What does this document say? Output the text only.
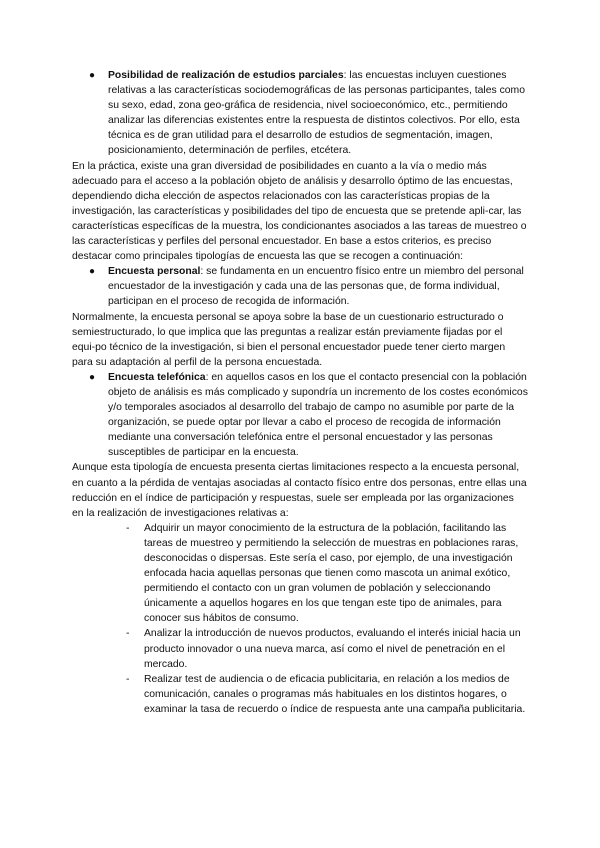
● Posibilidad de realización de estudios parciales: las encuestas incluyen cuestiones relativas a las características sociodemográficas de las personas participantes, tales como su sexo, edad, zona geo-gráfica de residencia, nivel socioeconómico, etc., permitiendo analizar las diferencias existentes entre la respuesta de distintos colectivos. Por ello, esta técnica es de gran utilidad para el desarrollo de estudios de segmentación, imagen, posicionamiento, determinación de perfiles, etcétera.

En la práctica, existe una gran diversidad de posibilidades en cuanto a la vía o medio más adecuado para el acceso a la población objeto de análisis y desarrollo óptimo de las encuestas, dependiendo dicha elección de aspectos relacionados con las características propias de la investigación, las características y posibilidades del tipo de encuesta que se pretende apli-car, las características específicas de la muestra, los condicionantes asociados a las tareas de muestreo o las características y perfiles del personal encuestador. En base a estos criterios, es preciso destacar como principales tipologías de encuesta las que se recogen a continuación:

● Encuesta personal: se fundamenta en un encuentro físico entre un miembro del personal encuestador de la investigación y cada una de las personas que, de forma individual, participan en el proceso de recogida de información.

Normalmente, la encuesta personal se apoya sobre la base de un cuestionario estructurado o semiestructurado, lo que implica que las preguntas a realizar están previamente fijadas por el equi-po técnico de la investigación, si bien el personal encuestador puede tener cierto margen para su adaptación al perfil de la persona encuestada.

● Encuesta telefónica: en aquellos casos en los que el contacto presencial con la población objeto de análisis es más complicado y supondría un incremento de los costes económicos y/o temporales asociados al desarrollo del trabajo de campo no asumible por parte de la organización, se puede optar por llevar a cabo el proceso de recogida de información mediante una conversación telefónica entre el personal encuestador y las personas susceptibles de participar en la encuesta.

Aunque esta tipología de encuesta presenta ciertas limitaciones respecto a la encuesta personal, en cuanto a la pérdida de ventajas asociadas al contacto físico entre dos personas, entre ellas una reducción en el índice de participación y respuestas, suele ser empleada por las organizaciones en la realización de investigaciones relativas a:

- Adquirir un mayor conocimiento de la estructura de la población, facilitando las tareas de muestreo y permitiendo la selección de muestras en poblaciones raras, desconocidas o dispersas. Este sería el caso, por ejemplo, de una investigación enfocada hacia aquellas personas que tienen como mascota un animal exótico, permitiendo el contacto con un gran volumen de población y seleccionando únicamente a aquellos hogares en los que tengan este tipo de animales, para conocer sus hábitos de consumo.

- Analizar la introducción de nuevos productos, evaluando el interés inicial hacia un producto innovador o una nueva marca, así como el nivel de penetración en el mercado.

- Realizar test de audiencia o de eficacia publicitaria, en relación a los medios de comunicación, canales o programas más habituales en los distintos hogares, o examinar la tasa de recuerdo o índice de respuesta ante una campaña publicitaria.
